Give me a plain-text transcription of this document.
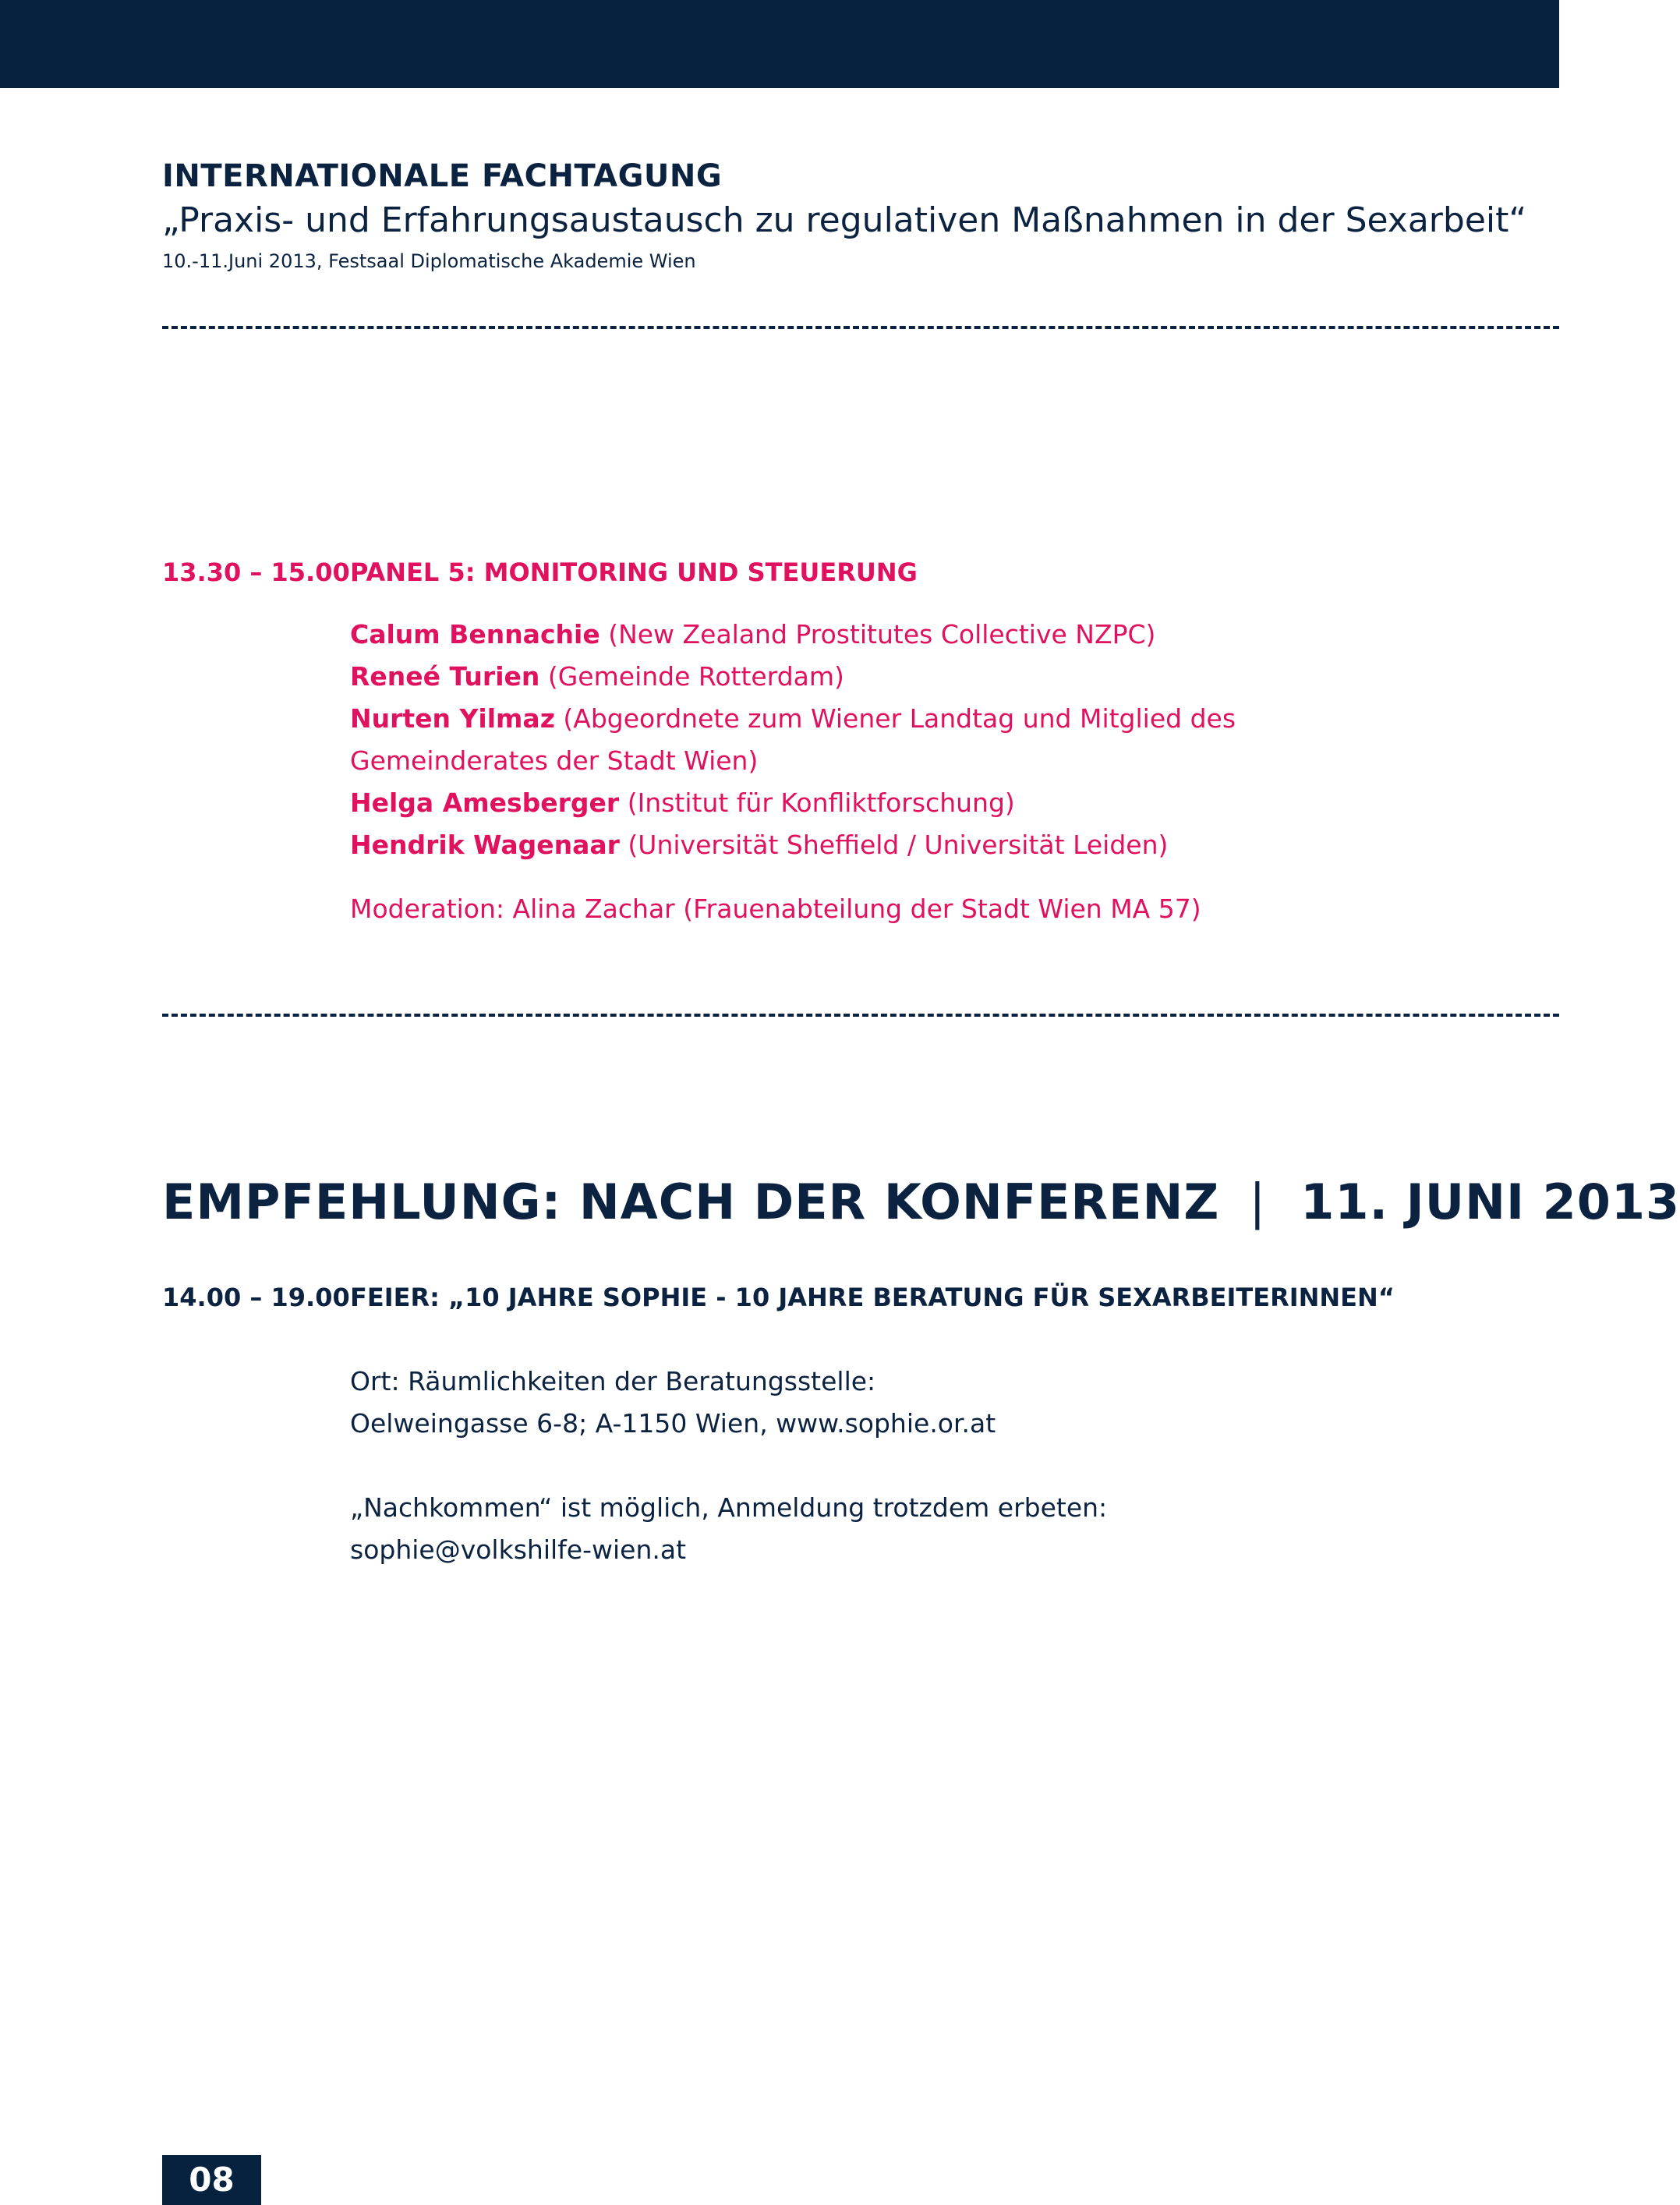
INTERNATIONALE FACHTAGUNG
„Praxis- und Erfahrungsaustausch zu regulativen Maßnahmen in der Sexarbeit“
10.-11.Juni 2013, Festsaal Diplomatische Akademie Wien
13.30 – 15.00 PANEL 5: MONITORING UND STEUERUNG
Calum Bennachie (New Zealand Prostitutes Collective NZPC)
Reneé Turien (Gemeinde Rotterdam)
Nurten Yilmaz (Abgeordnete zum Wiener Landtag und Mitglied des
Gemeinderates der Stadt Wien)
Helga Amesberger (Institut für Konfliktforschung)
Hendrik Wagenaar (Universität Sheffield / Universität Leiden)
Moderation: Alina Zachar (Frauenabteilung der Stadt Wien MA 57)
EMPFEHLUNG: NACH DER KONFERENZ | 11. JUNI 2013
14.00 – 19.00 FEIER: „10 JAHRE SOPHIE - 10 JAHRE BERATUNG FÜR SEXARBEITERINNEN“
Ort: Räumlichkeiten der Beratungsstelle:
Oelweingasse 6-8; A-1150 Wien, www.sophie.or.at
„Nachkommen“ ist möglich, Anmeldung trotzdem erbeten:
sophie@volkshilfe-wien.at
08
